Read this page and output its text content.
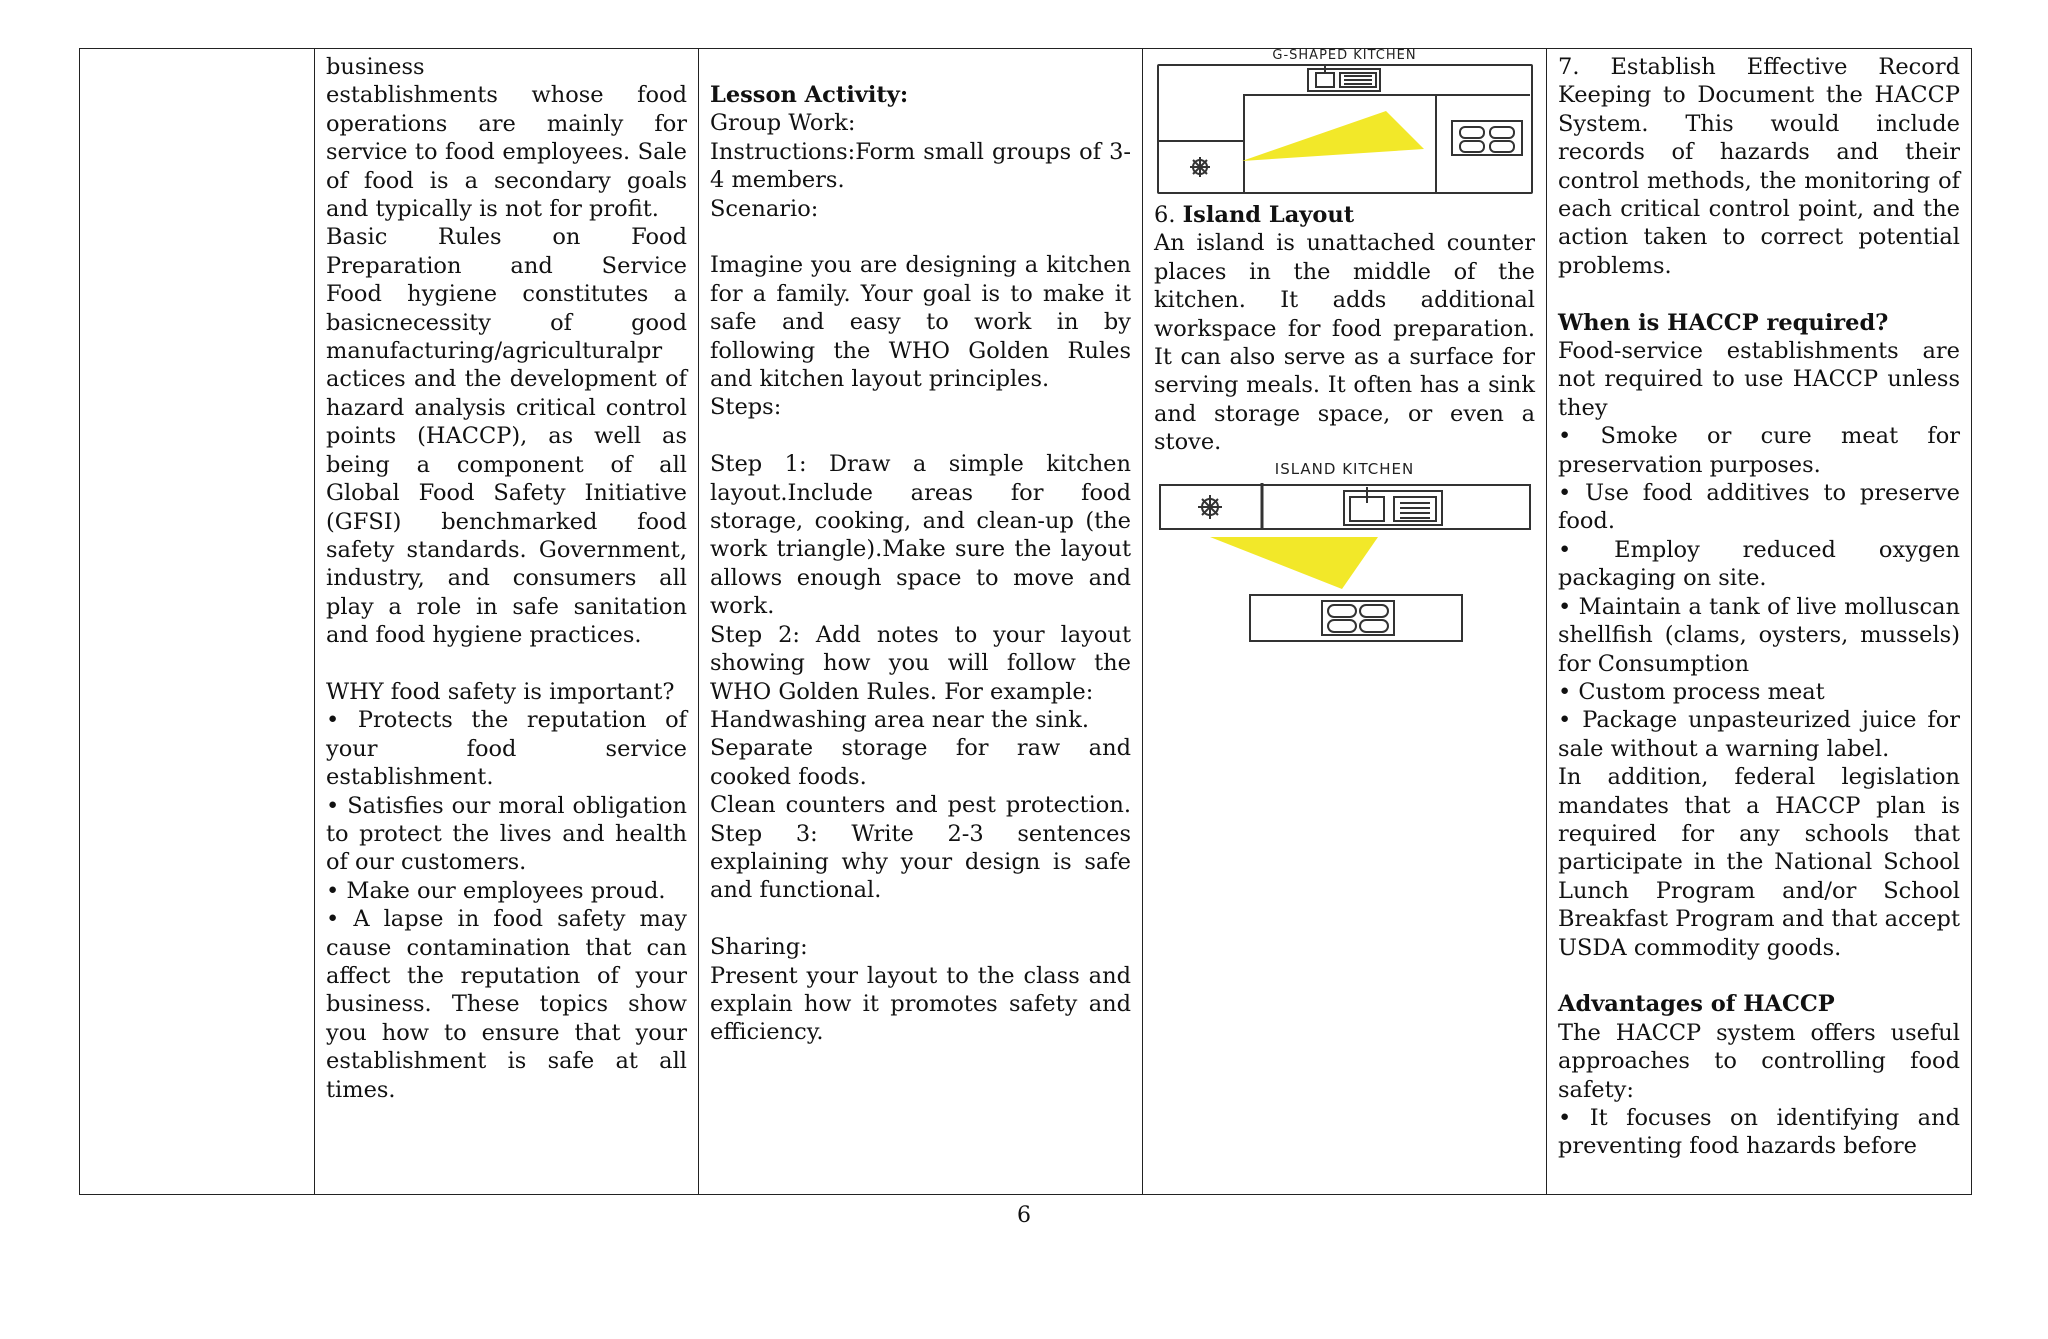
business

establishments whose food operations are mainly for service to food employees. Sale of food is a secondary goals and typically is not for profit.

Basic Rules on Food Preparation and Service

Food hygiene constitutes a basicnecessity of good manufacturing/agriculturalpr actices and the development of hazard analysis critical control points (HACCP), as well as being a component of all Global Food Safety Initiative (GFSI) benchmarked food safety standards. Government, industry, and consumers all play a role in safe sanitation and food hygiene practices.

WHY food safety is important?

• Protects the reputation of your food service establishment.

• Satisfies our moral obligation to protect the lives and health of our customers.

• Make our employees proud.

• A lapse in food safety may cause contamination that can affect the reputation of your business. These topics show you how to ensure that your establishment is safe at all times.

Lesson Activity:

Group Work:

Instructions:Form small groups of 3-4 members.

Scenario:

Imagine you are designing a kitchen for a family. Your goal is to make it safe and easy to work in by following the WHO Golden Rules and kitchen layout principles.

Steps:

Step 1: Draw a simple kitchen layout.Include areas for food storage, cooking, and clean-up (the work triangle).Make sure the layout allows enough space to move and work.

Step 2: Add notes to your layout showing how you will follow the WHO Golden Rules. For example:

Handwashing area near the sink.

Separate storage for raw and cooked foods.

Clean counters and pest protection.

Step 3: Write 2-3 sentences explaining why your design is safe and functional.

Sharing:

Present your layout to the class and explain how it promotes safety and efficiency.

G-SHAPED KITCHEN

6. Island Layout

An island is unattached counter places in the middle of the kitchen. It adds additional workspace for food preparation. It can also serve as a surface for serving meals. It often has a sink and storage space, or even a stove.

ISLAND KITCHEN

7. Establish Effective Record Keeping to Document the HACCP System. This would include records of hazards and their control methods, the monitoring of each critical control point, and the action taken to correct potential problems.

When is HACCP required?

Food-service establishments are not required to use HACCP unless they

• Smoke or cure meat for preservation purposes.

• Use food additives to preserve food.

• Employ reduced oxygen packaging on site.

• Maintain a tank of live molluscan shellfish (clams, oysters, mussels) for Consumption

• Custom process meat

• Package unpasteurized juice for sale without a warning label.

In addition, federal legislation mandates that a HACCP plan is required for any schools that participate in the National School Lunch Program and/or School Breakfast Program and that accept USDA commodity goods.

Advantages of HACCP

The HACCP system offers useful approaches to controlling food safety:

• It focuses on identifying and preventing food hazards before

6
